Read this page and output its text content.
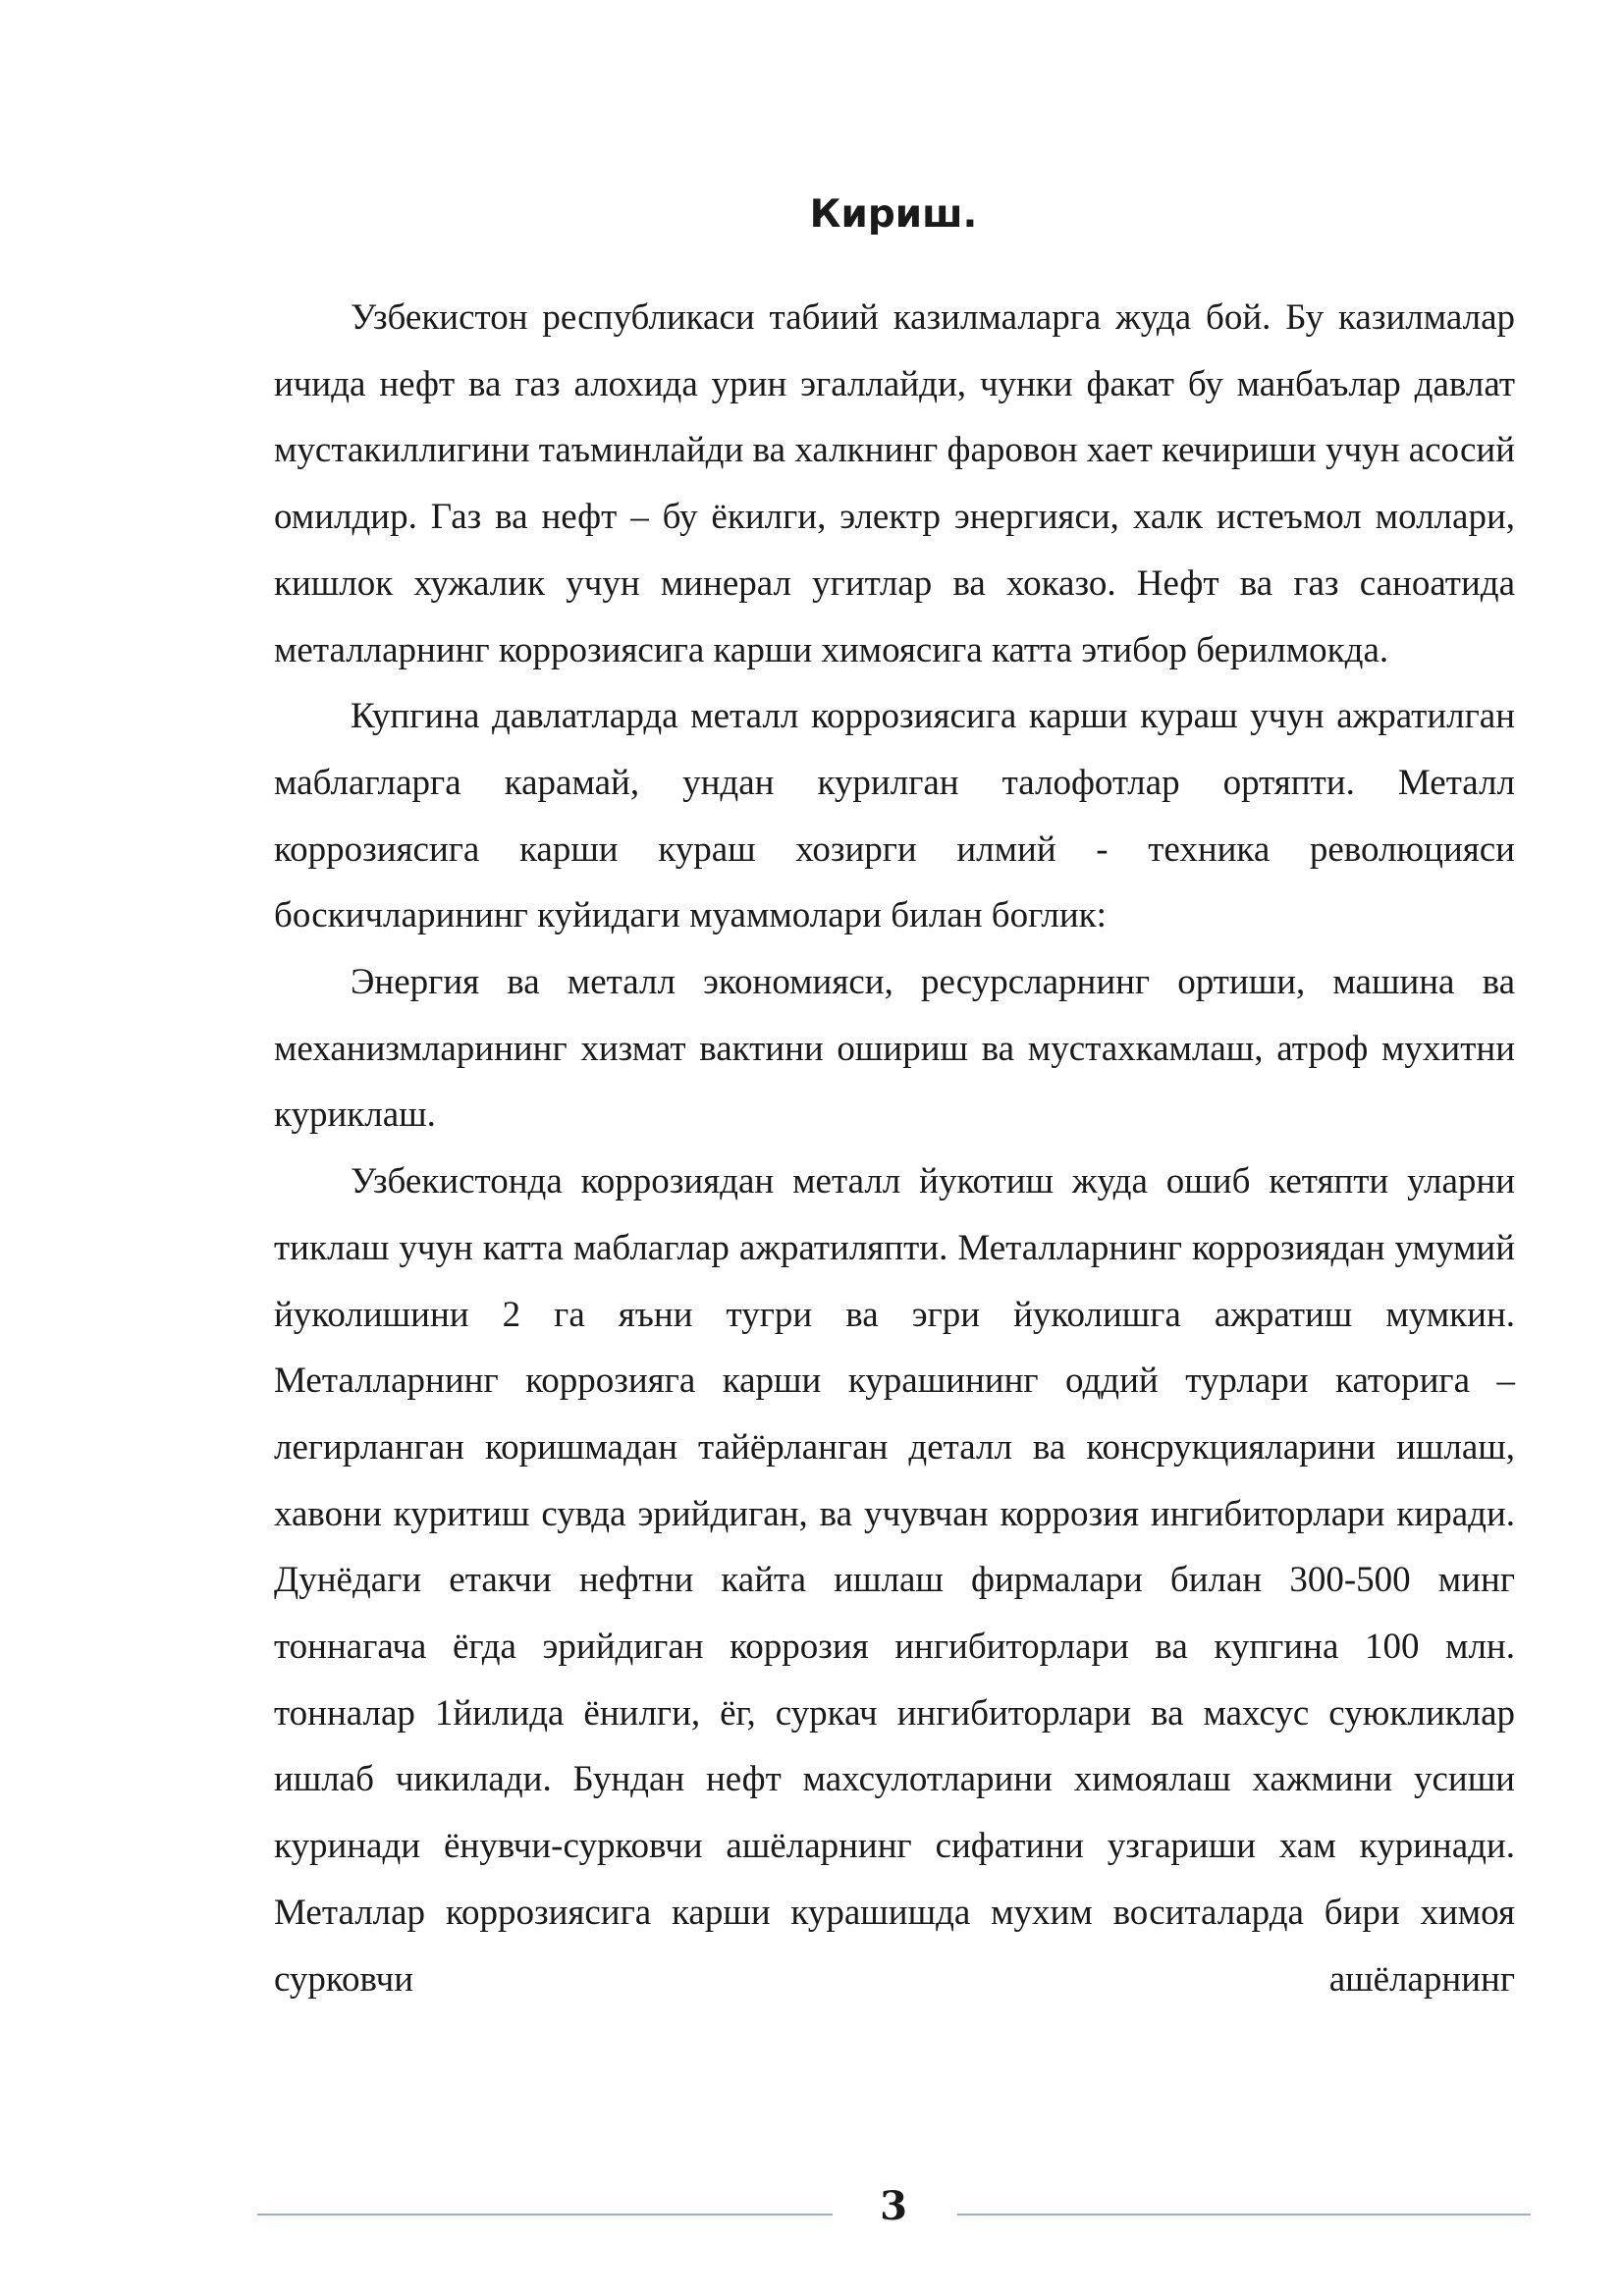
Кириш.

Узбекистон республикаси табиий казилмаларга жуда бой. Бу казилмалар ичида нефт ва газ алохида урин эгаллайди, чунки факат бу манбаълар давлат мустакиллигини таъминлайди ва халкнинг фаровон хает кечириши учун асосий омилдир. Газ ва нефт – бу ёкилги, электр энергияси, халк истеъмол моллари, кишлок хужалик учун минерал угитлар ва хоказо. Нефт ва газ саноатида металларнинг коррозиясига карши химоясига катта этибор берилмокда.

Купгина давлатларда металл коррозиясига карши кураш учун ажратилган маблагларга карамай, ундан курилган талофотлар ортяпти. Металл коррозиясига карши кураш хозирги илмий - техника революцияси боскичларининг куйидаги муаммолари билан боглик:

Энергия ва металл экономияси, ресурсларнинг ортиши, машина ва механизмларининг хизмат вактини ошириш ва мустахкамлаш, атроф мухитни куриклаш.

Узбекистонда коррозиядан металл йукотиш жуда ошиб кетяпти уларни тиклаш учун катта маблаглар ажратиляпти. Металларнинг коррозиядан умумий йуколишини 2 га яъни тугри ва эгри йуколишга ажратиш мумкин. Металларнинг коррозияга карши курашининг оддий турлари каторига – легирланган коришмадан тайёрланган деталл ва консрукцияларини ишлаш, хавони куритиш сувда эрийдиган, ва учувчан коррозия ингибиторлари киради. Дунёдаги етакчи нефтни кайта ишлаш фирмалари билан 300-500 минг тоннагача ёгда эрийдиган коррозия ингибиторлари ва купгина 100 млн. тонналар 1йилида ёнилги, ёг, суркач ингибиторлари ва махсус суюкликлар ишлаб чикилади. Бундан нефт махсулотларини химоялаш хажмини усиши куринади ёнувчи-сурковчи ашёларнинг сифатини узгариши хам куринади. Металлар коррозиясига карши курашишда мухим воситаларда бири химоя сурковчи ашёларнинг

3
